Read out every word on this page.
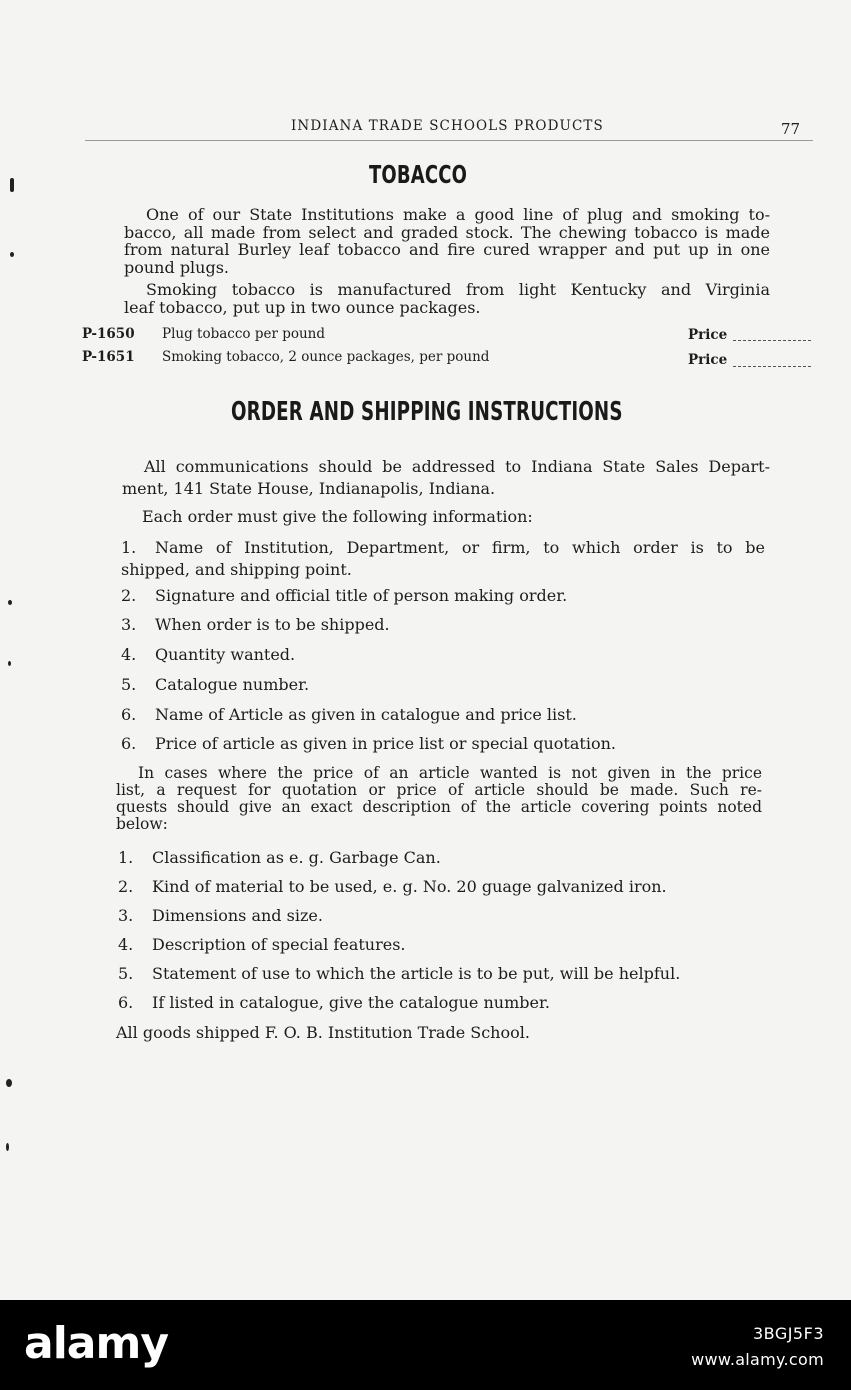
INDIANA TRADE SCHOOLS PRODUCTS	77
TOBACCO
One of our State Institutions make a good line of plug and smoking to-
bacco, all made from select and graded stock. The chewing tobacco is made
from natural Burley leaf tobacco and fire cured wrapper and put up in one
pound plugs.
Smoking tobacco is manufactured from light Kentucky and Virginia
leaf tobacco, put up in two ounce packages.
P-1650 Plug tobacco per pound	Price
P-1651 Smoking tobacco, 2 ounce packages, per pound	Price
ORDER AND SHIPPING INSTRUCTIONS
All communications should be addressed to Indiana State Sales Depart-
ment, 141 State House, Indianapolis, Indiana.
Each order must give the following information:
1. Name of Institution, Department, or firm, to which order is to be
shipped, and shipping point.
2. Signature and official title of person making order.
3. When order is to be shipped.
4. Quantity wanted.
5. Catalogue number.
6. Name of Article as given in catalogue and price list.
6. Price of article as given in price list or special quotation.
In cases where the price of an article wanted is not given in the price
list, a request for quotation or price of article should be made. Such re-
quests should give an exact description of the article covering points noted
below:
1. Classification as e. g. Garbage Can.
2. Kind of material to be used, e. g. No. 20 guage galvanized iron.
3. Dimensions and size.
4. Description of special features.
5. Statement of use to which the article is to be put, will be helpful.
6. If listed in catalogue, give the catalogue number.
All goods shipped F. O. B. Institution Trade School.
alamy	3BGJ5F3
www.alamy.com
